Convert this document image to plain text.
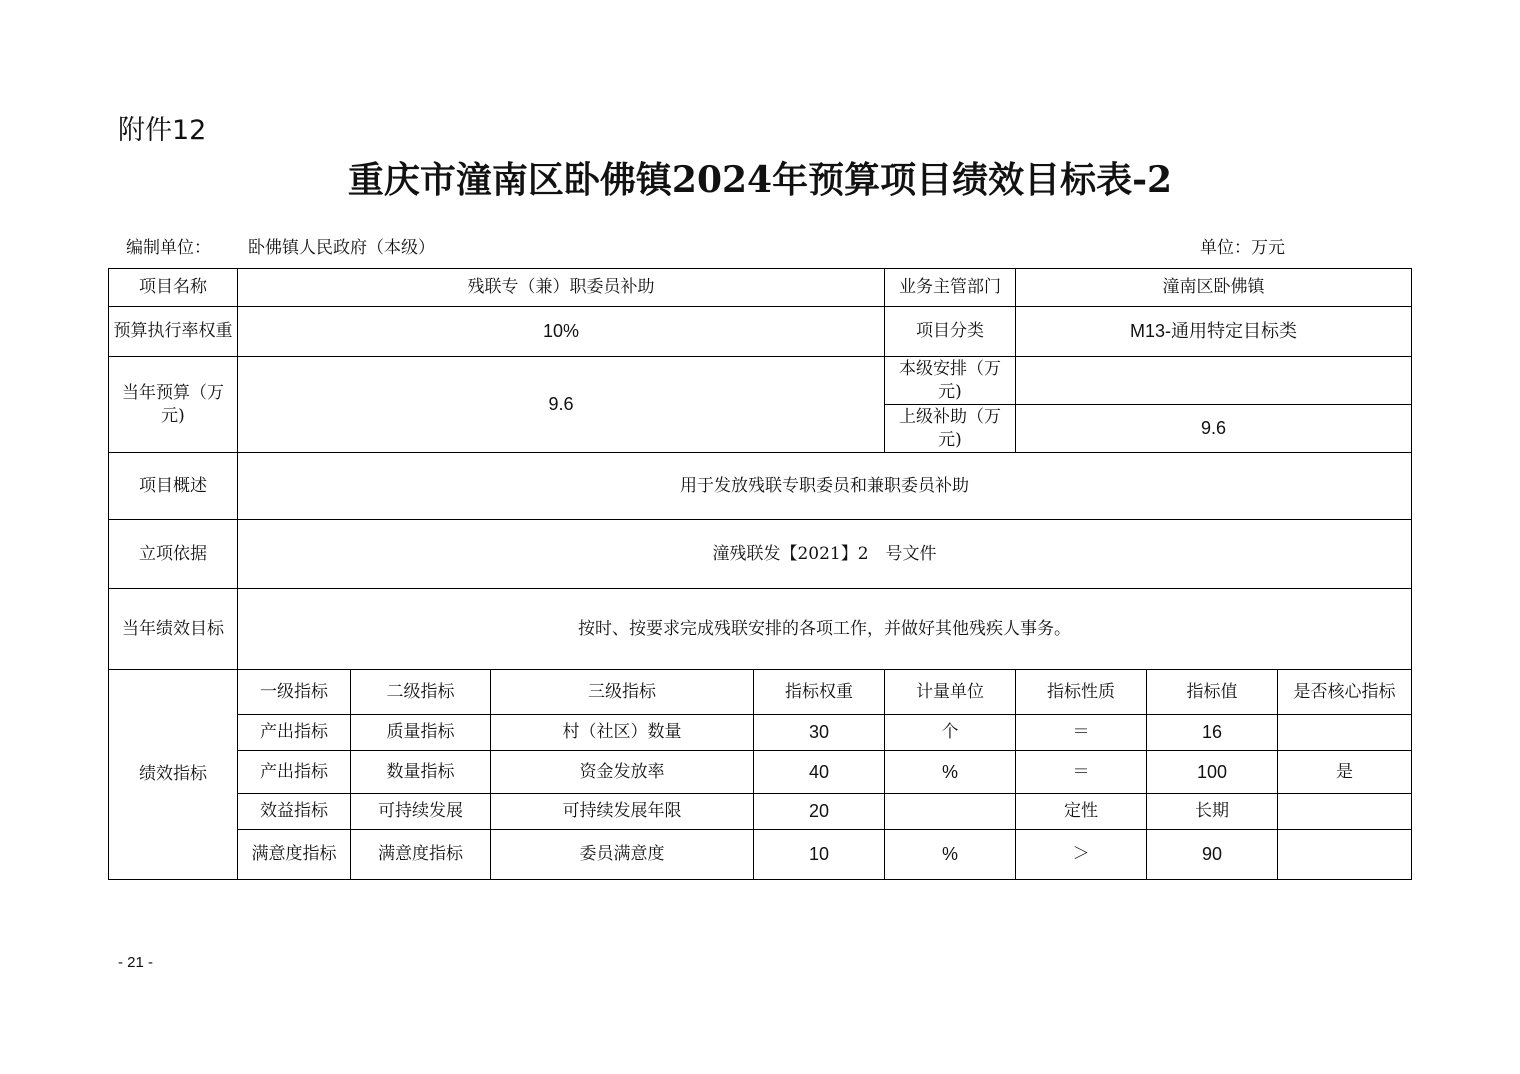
附件12
重庆市潼南区卧佛镇2024年预算项目绩效目标表-2
编制单位： 卧佛镇人民政府（本级）	单位：万元
项目名称	残联专（兼）职委员补助				业务主管部门	潼南区卧佛镇		
预算执行率权重	10%				项目分类	M13-通用特定目标类		
当年预算（万元)	9.6				本级安排（万元)			
					上级补助（万元)	9.6		
项目概述	用于发放残联专职委员和兼职委员补助							
立项依据	潼残联发【2021】2　号文件							
当年绩效目标	按时、按要求完成残联安排的各项工作，并做好其他残疾人事务。							
绩效指标	一级指标	二级指标	三级指标	指标权重	计量单位	指标性质	指标值	是否核心指标
	产出指标	质量指标	村（社区）数量	30	个	＝	16	
	产出指标	数量指标	资金发放率	40	%	＝	100	是
	效益指标	可持续发展	可持续发展年限	20		定性	长期	
	满意度指标	满意度指标	委员满意度	10	%	＞	90	
- 21 -
